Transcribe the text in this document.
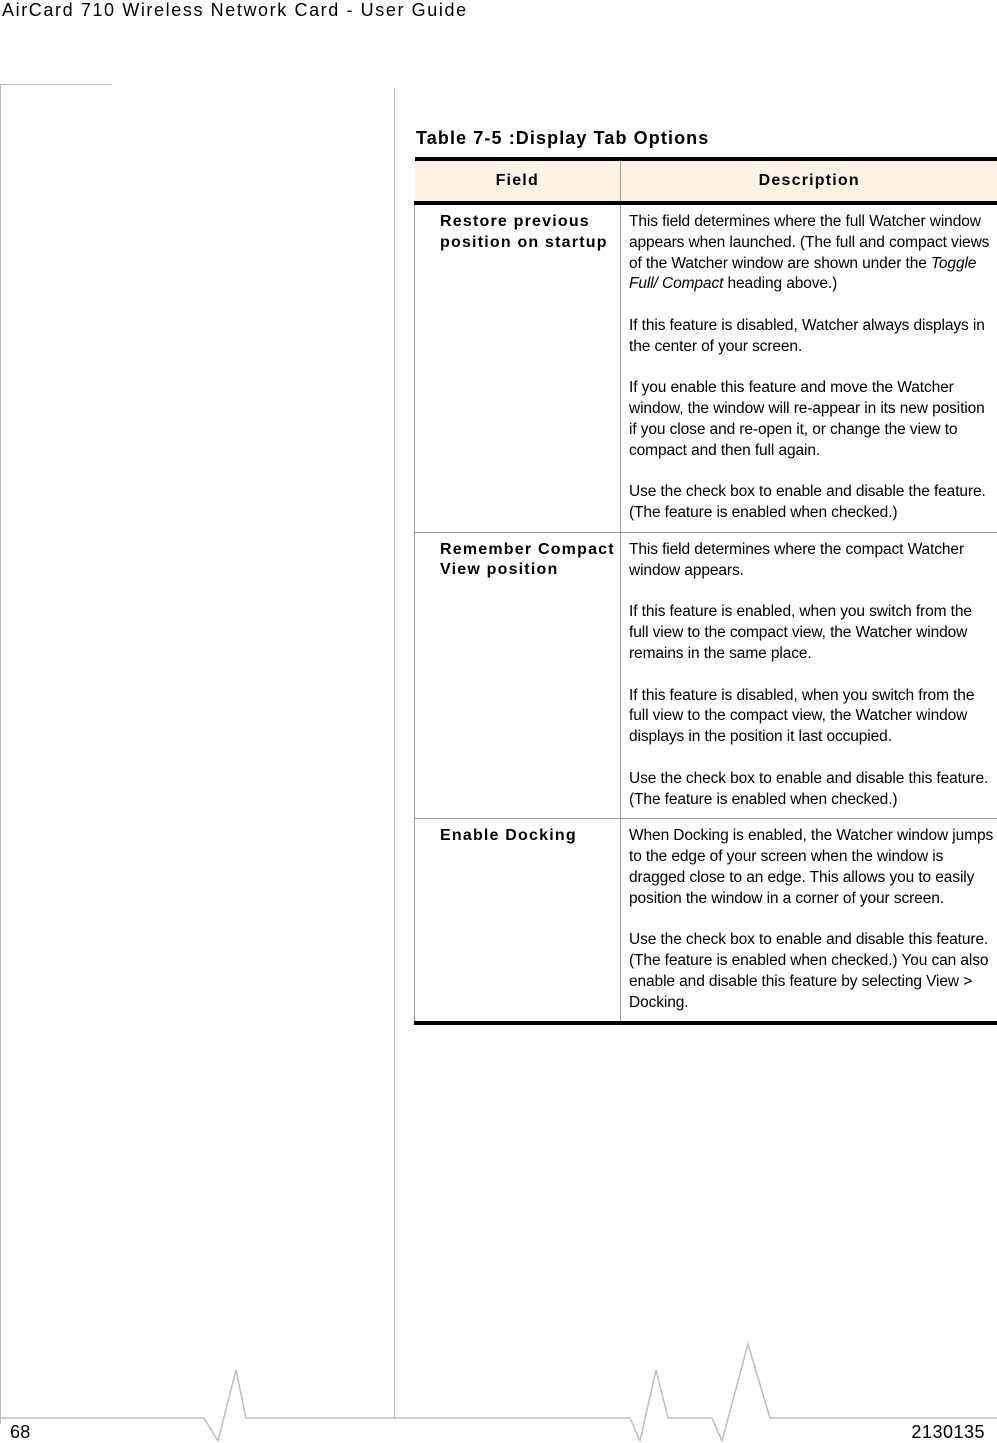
AirCard 710 Wireless Network Card - User Guide
Table 7-5 :Display Tab Options
Field	Description
Restore previous position on startup	This field determines where the full Watcher window appears when launched. (The full and compact views of the Watcher window are shown under the Toggle Full/ Compact heading above.)

If this feature is disabled, Watcher always displays in the center of your screen.

If you enable this feature and move the Watcher window, the window will re-appear in its new position if you close and re-open it, or change the view to compact and then full again.

Use the check box to enable and disable the feature. (The feature is enabled when checked.)

Remember Compact View position	This field determines where the compact Watcher window appears.

If this feature is enabled, when you switch from the full view to the compact view, the Watcher window remains in the same place.

If this feature is disabled, when you switch from the full view to the compact view, the Watcher window displays in the position it last occupied.

Use the check box to enable and disable this feature. (The feature is enabled when checked.)

Enable Docking	When Docking is enabled, the Watcher window jumps to the edge of your screen when the window is dragged close to an edge. This allows you to easily position the window in a corner of your screen.

Use the check box to enable and disable this feature. (The feature is enabled when checked.) You can also enable and disable this feature by selecting View > Docking.

68	2130135
